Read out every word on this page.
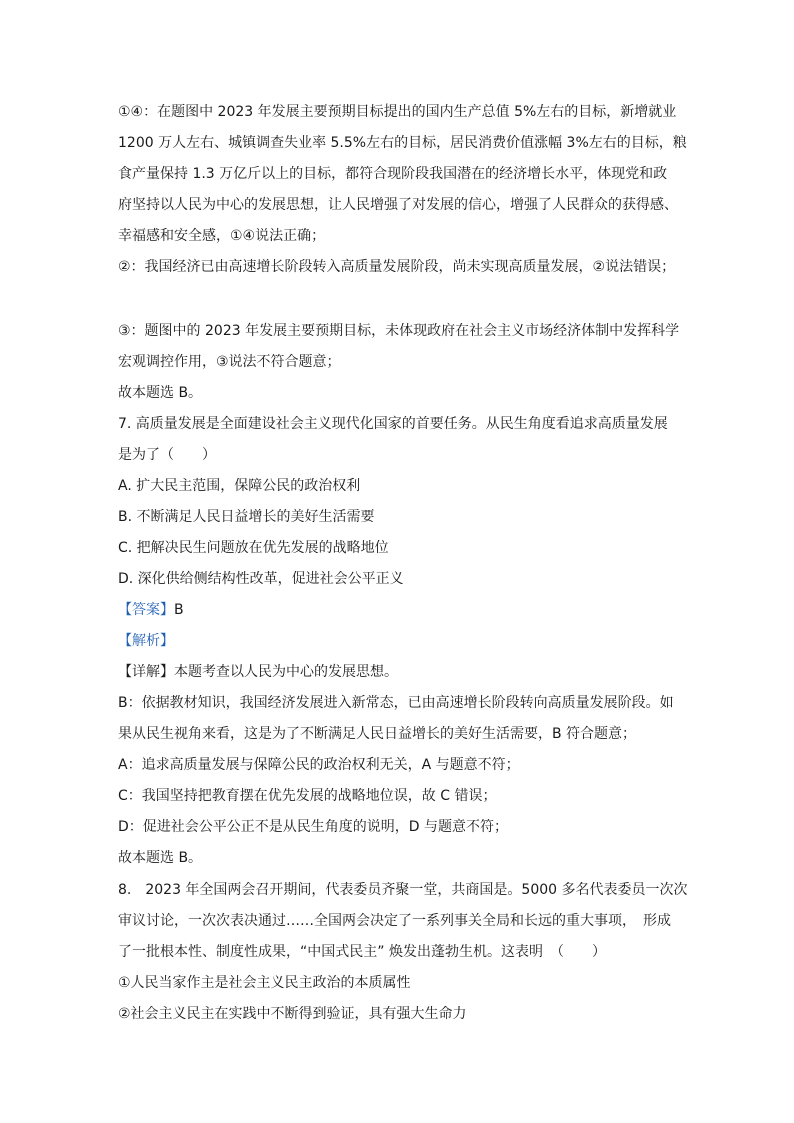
①④：在题图中 2023 年发展主要预期目标提出的国内生产总值 5%左右的目标，新增就业
1200 万人左右、城镇调查失业率 5.5%左右的目标，居民消费价值涨幅 3%左右的目标，粮
食产量保持 1.3 万亿斤以上的目标，都符合现阶段我国潜在的经济增长水平，体现党和政
府坚持以人民为中心的发展思想，让人民增强了对发展的信心，增强了人民群众的获得感、
幸福感和安全感，①④说法正确；
②：我国经济已由高速增长阶段转入高质量发展阶段，尚未实现高质量发展，②说法错误；
③：题图中的 2023 年发展主要预期目标，未体现政府在社会主义市场经济体制中发挥科学
宏观调控作用，③说法不符合题意；
故本题选 B。
7. 高质量发展是全面建设社会主义现代化国家的首要任务。从民生角度看追求高质量发展
是为了（　　）
A. 扩大民主范围，保障公民的政治权利
B. 不断满足人民日益增长的美好生活需要
C. 把解决民生问题放在优先发展的战略地位
D. 深化供给侧结构性改革，促进社会公平正义
【答案】B
【解析】
【详解】本题考查以人民为中心的发展思想。
B：依据教材知识，我国经济发展进入新常态，已由高速增长阶段转向高质量发展阶段。如
果从民生视角来看，这是为了不断满足人民日益增长的美好生活需要，B 符合题意；
A：追求高质量发展与保障公民的政治权利无关，A 与题意不符；
C：我国坚持把教育摆在优先发展的战略地位误，故 C 错误；
D：促进社会公平公正不是从民生角度的说明，D 与题意不符；
故本题选 B。
8.　2023 年全国两会召开期间，代表委员齐聚一堂，共商国是。5000 多名代表委员一次次
审议讨论，一次次表决通过……全国两会决定了一系列事关全局和长远的重大事项，　形成
了一批根本性、制度性成果，“中国式民主” 焕发出蓬勃生机。这表明　（　　）
①人民当家作主是社会主义民主政治的本质属性
②社会主义民主在实践中不断得到验证，具有强大生命力
